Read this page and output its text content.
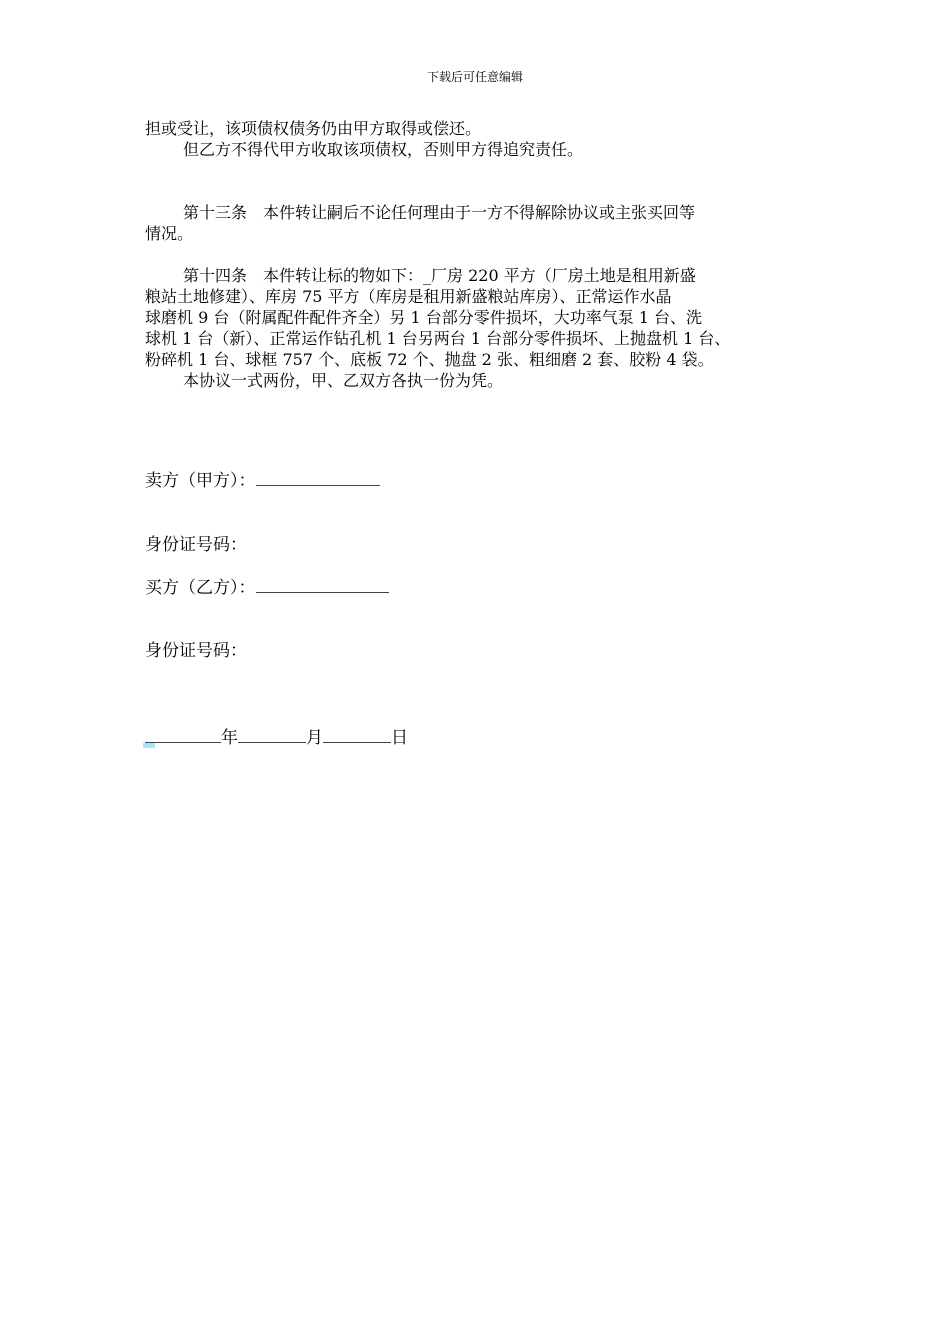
下载后可任意编辑

担或受让，该项债权债务仍由甲方取得或偿还。

但乙方不得代甲方收取该项债权，否则甲方得追究责任。

第十三条　本件转让嗣后不论任何理由于一方不得解除协议或主张买回等

情况。

第十四条　本件转让标的物如下：_厂房 220 平方（厂房土地是租用新盛

粮站土地修建）、库房 75 平方（库房是租用新盛粮站库房）、正常运作水晶

球磨机 9 台（附属配件配件齐全）另 1 台部分零件损坏，大功率气泵 1 台、洗

球机 1 台（新）、正常运作钻孔机 1 台另两台 1 台部分零件损坏、上抛盘机 1 台、

粉碎机 1 台、球框 757 个、底板 72 个、抛盘 2 张、粗细磨 2 套、胶粉 4 袋。

本协议一式两份，甲、乙双方各执一份为凭。

卖方（甲方）：
身份证号码：
买方（乙方）：
身份证号码：
年	月	日
